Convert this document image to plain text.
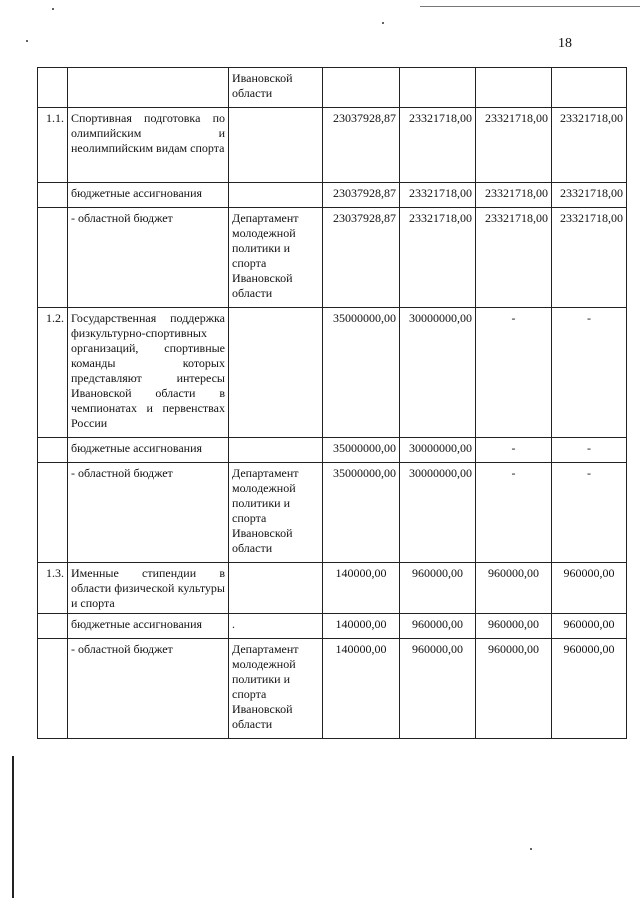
18
		Ивановской области				
1.1.	Спортивная подготовка по олимпийским и неолимпийским видам спорта		23037928,87	23321718,00	23321718,00	23321718,00
	бюджетные ассигнования		23037928,87	23321718,00	23321718,00	23321718,00
	- областной бюджет	Департамент молодежной политики и спорта Ивановской области	23037928,87	23321718,00	23321718,00	23321718,00
1.2.	Государственная поддержка физкультурно-спортивных организаций, спортивные команды которых представляют интересы Ивановской области в чемпионатах и первенствах России		35000000,00	30000000,00	-	-
	бюджетные ассигнования		35000000,00	30000000,00	-	-
	- областной бюджет	Департамент молодежной политики и спорта Ивановской области	35000000,00	30000000,00	-	-
1.3.	Именные стипендии в области физической культуры и спорта		140000,00	960000,00	960000,00	960000,00
	бюджетные ассигнования	.	140000,00	960000,00	960000,00	960000,00
	- областной бюджет	Департамент молодежной политики и спорта Ивановской области	140000,00	960000,00	960000,00	960000,00
